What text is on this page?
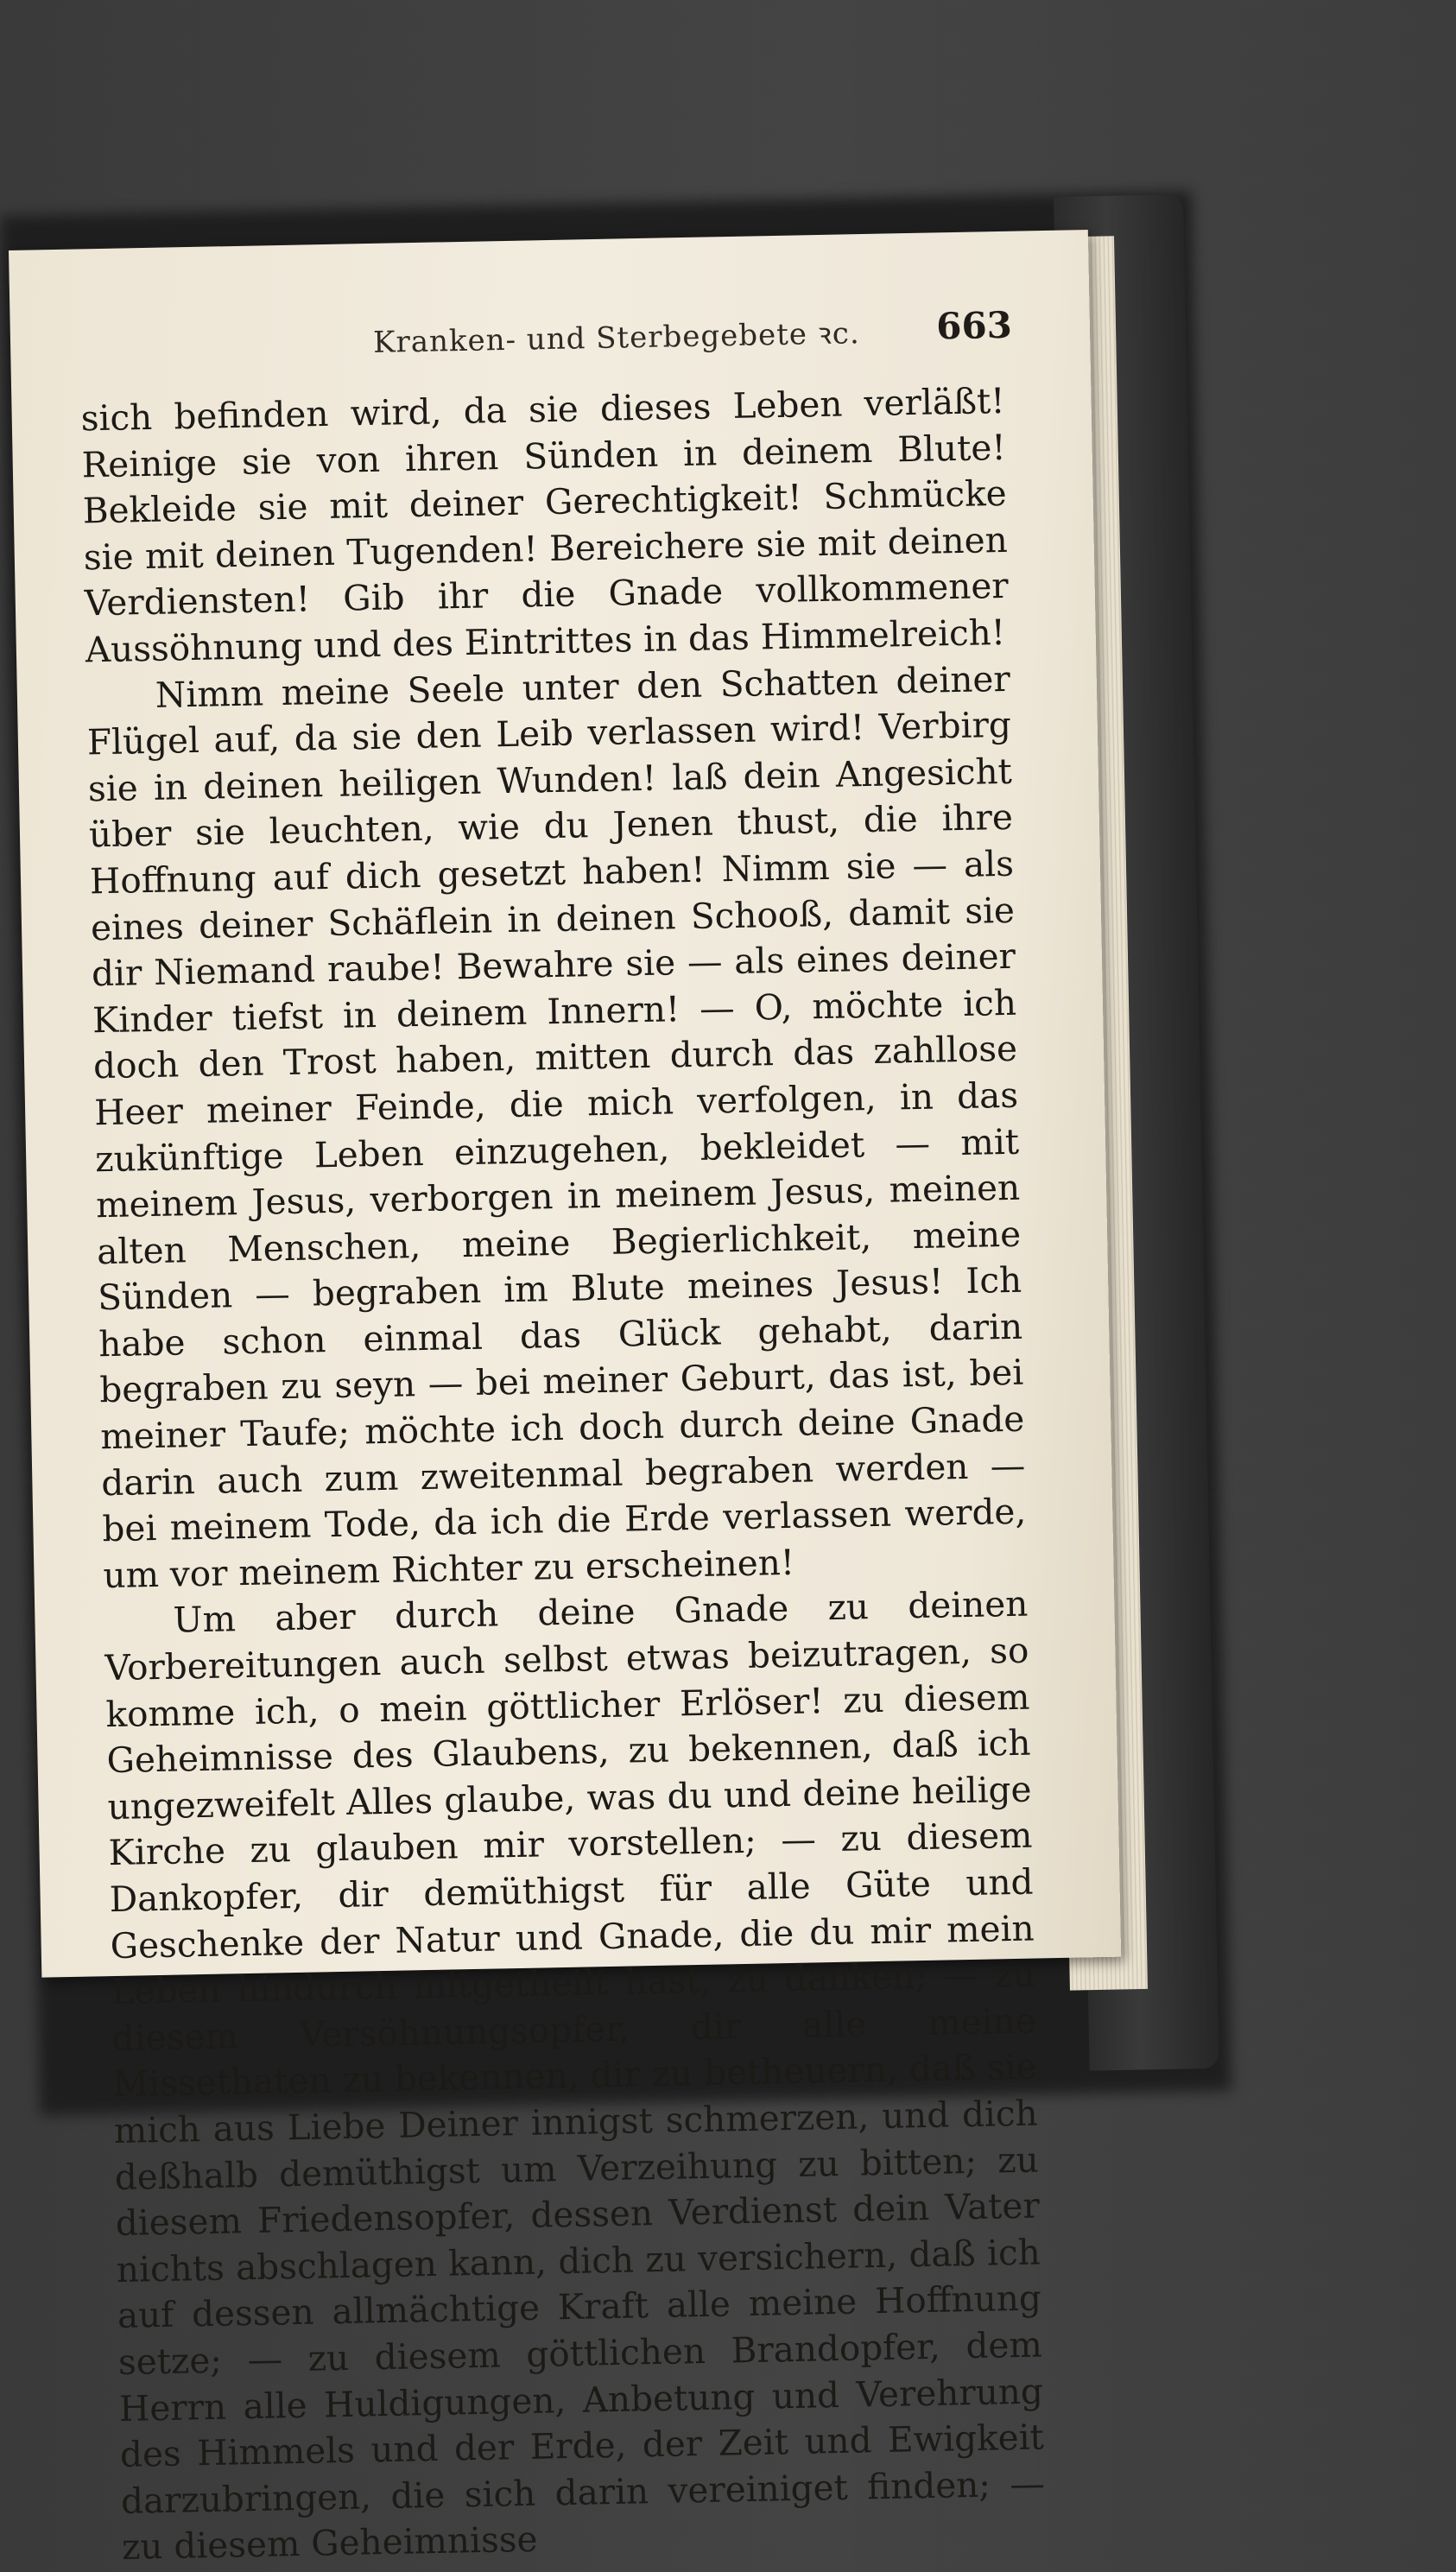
Kranken- und Sterbegebete ꝛc. 663

sich befinden wird, da sie dieses Leben verläßt! Reinige sie von ihren Sünden in deinem Blute! Bekleide sie mit deiner Gerechtigkeit! Schmücke sie mit deinen Tugenden! Bereichere sie mit deinen Verdiensten! Gib ihr die Gnade vollkommener Aussöhnung und des Eintrittes in das Himmelreich!

Nimm meine Seele unter den Schatten deiner Flügel auf, da sie den Leib verlassen wird! Verbirg sie in deinen heiligen Wunden! laß dein Angesicht über sie leuchten, wie du Jenen thust, die ihre Hoffnung auf dich gesetzt haben! Nimm sie — als eines deiner Schäflein in deinen Schooß, damit sie dir Niemand raube! Bewahre sie — als eines deiner Kinder tiefst in deinem Innern! — O, möchte ich doch den Trost haben, mitten durch das zahllose Heer meiner Feinde, die mich verfolgen, in das zukünftige Leben einzugehen, bekleidet — mit meinem Jesus, verborgen in meinem Jesus, meinen alten Menschen, meine Begierlichkeit, meine Sünden — begraben im Blute meines Jesus! Ich habe schon einmal das Glück gehabt, darin begraben zu seyn — bei meiner Geburt, das ist, bei meiner Taufe; möchte ich doch durch deine Gnade darin auch zum zweitenmal begraben werden — bei meinem Tode, da ich die Erde verlassen werde, um vor meinem Richter zu erscheinen!

Um aber durch deine Gnade zu deinen Vorbereitungen auch selbst etwas beizutragen, so komme ich, o mein göttlicher Erlöser! zu diesem Geheimnisse des Glaubens, zu bekennen, daß ich ungezweifelt Alles glaube, was du und deine heilige Kirche zu glauben mir vorstellen; — zu diesem Dankopfer, dir demüthigst für alle Güte und Geschenke der Natur und Gnade, die du mir mein Leben hindurch mitgetheilt hast, zu danken; — zu diesem Versöhnungsopfer, dir alle meine Missethaten zu bekennen, dir zu betheuern, daß sie mich aus Liebe Deiner innigst schmerzen, und dich deßhalb demüthigst um Verzeihung zu bitten; zu diesem Friedensopfer, dessen Verdienst dein Vater nichts abschlagen kann, dich zu versichern, daß ich auf dessen allmächtige Kraft alle meine Hoffnung setze; — zu diesem göttlichen Brandopfer, dem Herrn alle Huldigungen, Anbetung und Verehrung des Himmels und der Erde, der Zeit und Ewigkeit darzubringen, die sich darin vereiniget finden; — zu diesem Geheimnisse
